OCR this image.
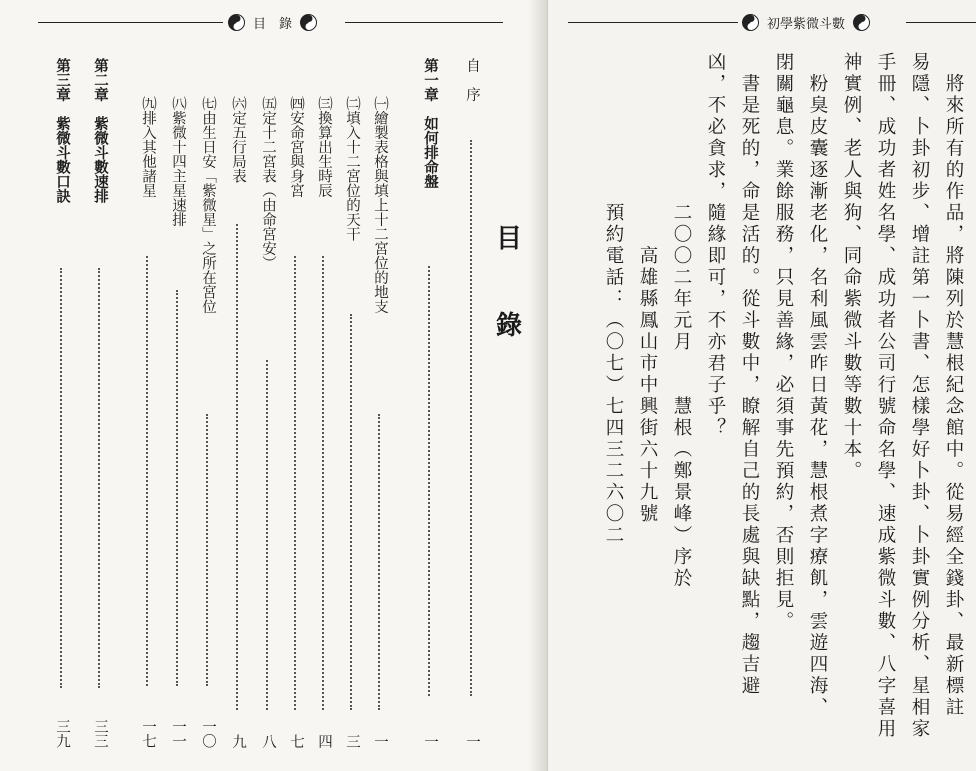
目　錄
目
錄
自　序
一
第一章　如何排命盤
一
㈠繪製表格與填上十二宮位的地支
一
㈡填入十二宮位的天干
三
㈢換算出生時辰
四
㈣安命宮與身宮
七
㈤定十二宮表（由命宮安）
八
㈥定五行局表
九
㈦由生日安「紫微星」之所在宮位
一〇
㈧紫微十四主星速排
一一
㈨排入其他諸星
一七
第二章　紫微斗數速排
三三
第三章　紫微斗數口訣
三九
初學紫微斗數
　將來所有的作品，將陳列於慧根紀念館中。從易經全錢卦、最新標註
易隱、卜卦初步、增註第一卜書、怎樣學好卜卦、卜卦實例分析、星相家
手冊、成功者姓名學、成功者公司行號命名學、速成紫微斗數、八字喜用
神實例、老人與狗、同命紫微斗數等數十本。
　粉臭皮囊逐漸老化，名利風雲昨日黃花，慧根煮字療飢，雲遊四海、
閉關龜息。業餘服務，只見善緣，必須事先預約，否則拒見。
　書是死的，命是活的。從斗數中，瞭解自己的長處與缺點，趨吉避
凶，不必貪求，隨緣即可，不亦君子乎？
　　　　　　　二〇〇二年元月　　慧根（鄭景峰）序於
　　　　　　　　　高雄縣鳳山市中興街六十九號
　　　　　　　預約電話：（〇七）七四三二六〇二
